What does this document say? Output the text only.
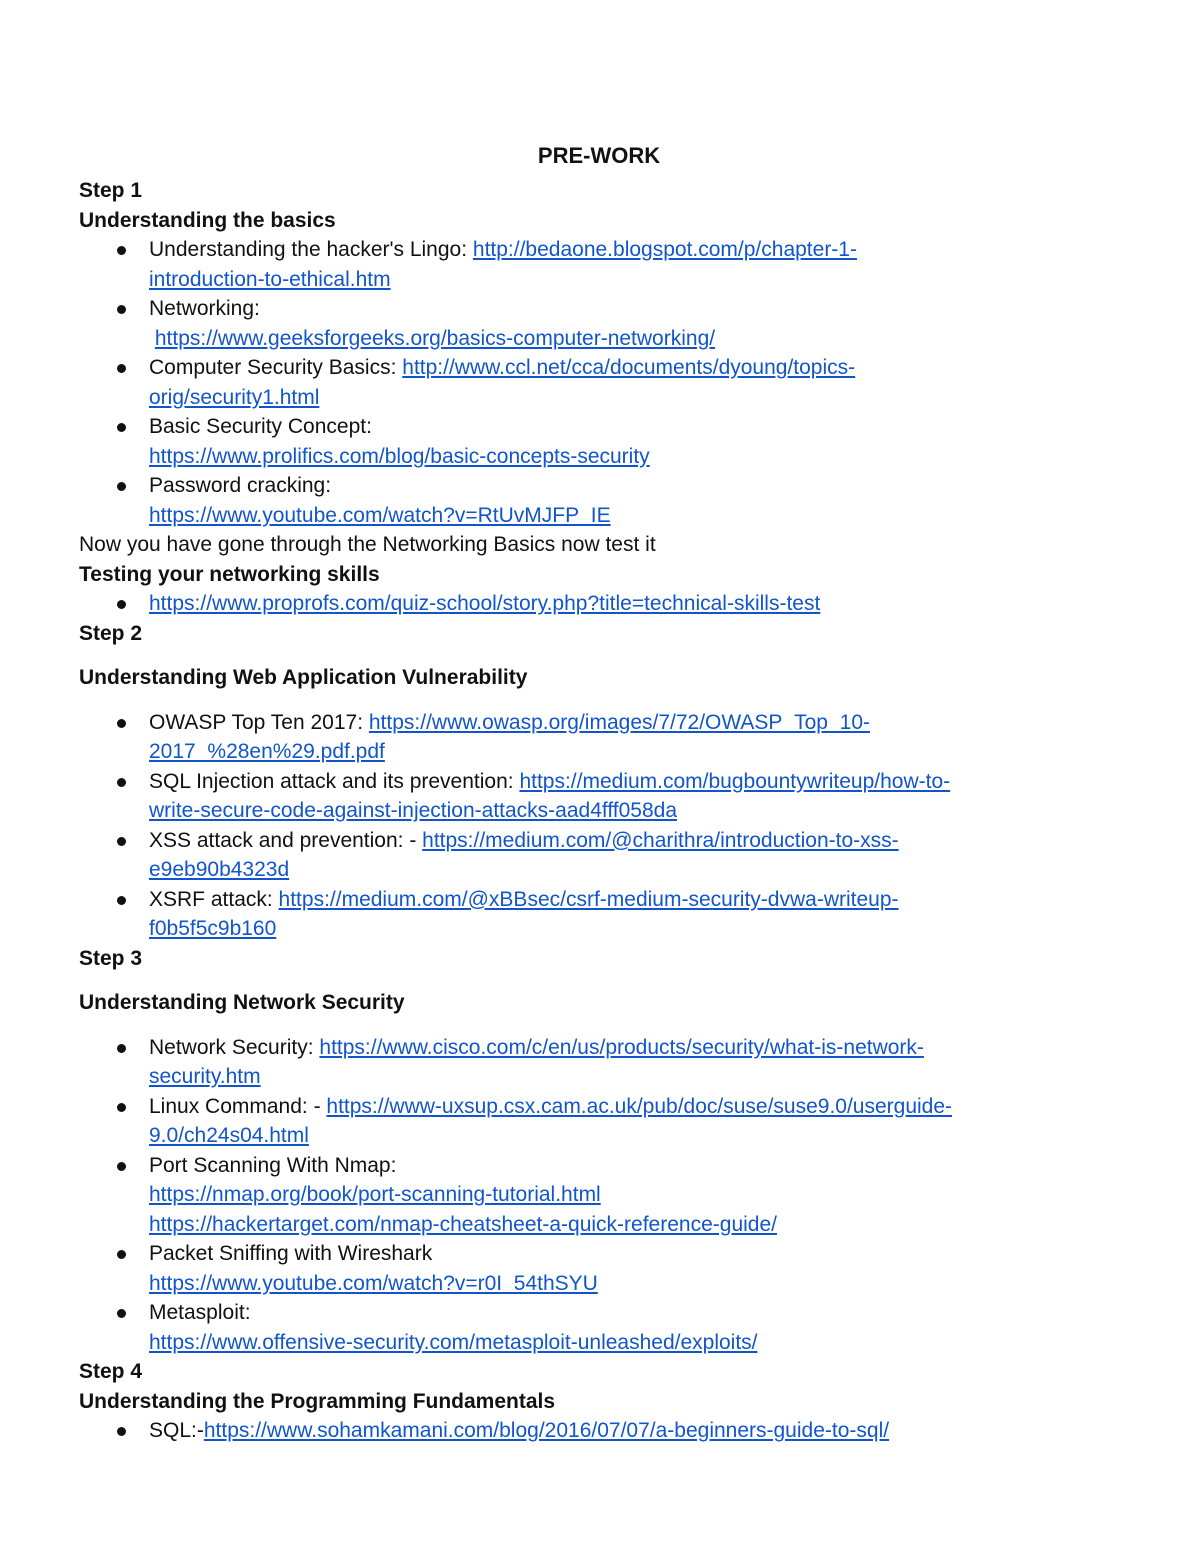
PRE-WORK
Step 1
Understanding the basics
Understanding the hacker's Lingo: http://bedaone.blogspot.com/p/chapter-1-
introduction-to-ethical.htm
Networking:
https://www.geeksforgeeks.org/basics-computer-networking/
Computer Security Basics: http://www.ccl.net/cca/documents/dyoung/topics-
orig/security1.html
Basic Security Concept:
https://www.prolifics.com/blog/basic-concepts-security
Password cracking:
https://www.youtube.com/watch?v=RtUvMJFP_IE
Now you have gone through the Networking Basics now test it
Testing your networking skills
https://www.proprofs.com/quiz-school/story.php?title=technical-skills-test
Step 2
Understanding Web Application Vulnerability
OWASP Top Ten 2017: https://www.owasp.org/images/7/72/OWASP_Top_10-
2017_%28en%29.pdf.pdf
SQL Injection attack and its prevention: https://medium.com/bugbountywriteup/how-to-
write-secure-code-against-injection-attacks-aad4fff058da
XSS attack and prevention: - https://medium.com/@charithra/introduction-to-xss-
e9eb90b4323d
XSRF attack: https://medium.com/@xBBsec/csrf-medium-security-dvwa-writeup-
f0b5f5c9b160
Step 3
Understanding Network Security
Network Security: https://www.cisco.com/c/en/us/products/security/what-is-network-
security.htm
Linux Command: - https://www-uxsup.csx.cam.ac.uk/pub/doc/suse/suse9.0/userguide-
9.0/ch24s04.html
Port Scanning With Nmap:
https://nmap.org/book/port-scanning-tutorial.html
https://hackertarget.com/nmap-cheatsheet-a-quick-reference-guide/
Packet Sniffing with Wireshark
https://www.youtube.com/watch?v=r0I_54thSYU
Metasploit:
https://www.offensive-security.com/metasploit-unleashed/exploits/
Step 4
Understanding the Programming Fundamentals
SQL:-https://www.sohamkamani.com/blog/2016/07/07/a-beginners-guide-to-sql/
